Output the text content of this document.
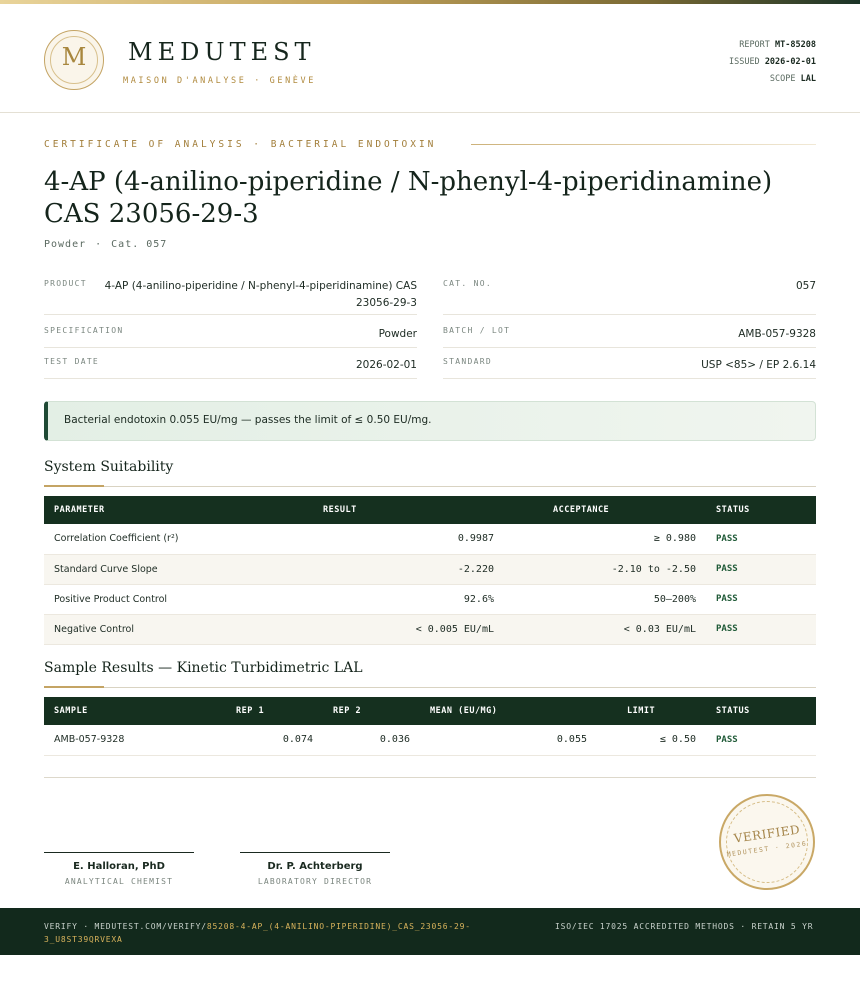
M	MEDUTEST
MAISON D'ANALYSE · GENÈVE
REPORT MT-85208
ISSUED 2026-02-01
SCOPE LAL
CERTIFICATE OF ANALYSIS · BACTERIAL ENDOTOXIN
4-AP (4-anilino-piperidine / N-phenyl-4-piperidinamine) CAS 23056-29-3
Powder · Cat. 057
PRODUCT	4-AP (4-anilino-piperidine / N-phenyl-4-piperidinamine) CAS 23056-29-3
CAT. NO.	057
SPECIFICATION	Powder	BATCH / LOT	AMB-057-9328
TEST DATE	2026-02-01	STANDARD	USP <85> / EP 2.6.14
Bacterial endotoxin 0.055 EU/mg — passes the limit of ≤ 0.50 EU/mg.
System Suitability
PARAMETER	RESULT	ACCEPTANCE	STATUS
Correlation Coefficient (r²)	0.9987	≥ 0.980	PASS
Standard Curve Slope	-2.220	-2.10 to -2.50	PASS
Positive Product Control	92.6%	50–200%	PASS
Negative Control	< 0.005 EU/mL	< 0.03 EU/mL	PASS
Sample Results — Kinetic Turbidimetric LAL
SAMPLE	REP 1	REP 2	MEAN (EU/MG)	LIMIT	STATUS
AMB-057-9328	0.074	0.036	0.055	≤ 0.50	PASS
E. Halloran, PhD
ANALYTICAL CHEMIST
Dr. P. Achterberg
LABORATORY DIRECTOR
VERIFIED
MEDUTEST · 2026
VERIFY · MEDUTEST.COM/VERIFY/85208-4-AP_(4-ANILINO-PIPERIDINE)_CAS_23056-29-3_U8ST39QRVEXA
ISO/IEC 17025 ACCREDITED METHODS · RETAIN 5 YR
